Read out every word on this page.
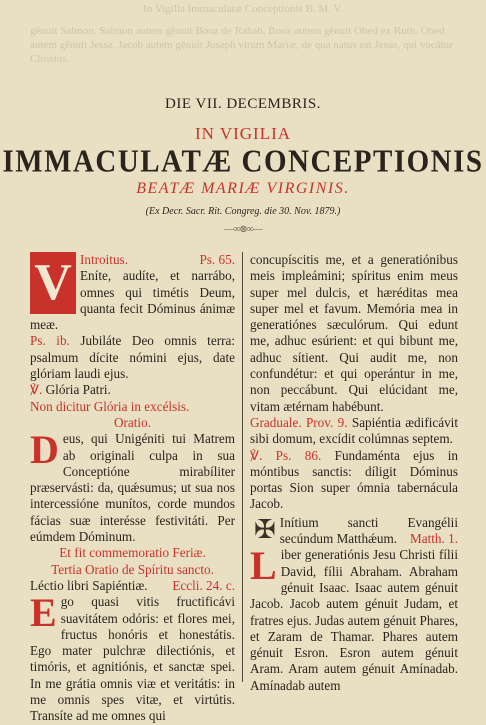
In Vigilia Immaculatæ Conceptionis B. M. V.
gênuit Salmon. Salmon autem gênuit Booz de Rahab. Booz autem gênuit Obed ex Ruth. Obed autem gênuit Jesse. Jacob autem gênuit Joseph virum Maríæ, de qua natus est Jesus, qui vocátur Christus.
DIE VII. DECEMBRIS.
IN VIGILIA
IMMACULATÆ CONCEPTIONIS
BEATÆ MARIÆ VIRGINIS.
(Ex Decr. Sacr. Rit. Congreg. die 30. Nov. 1879.)
—∞⊗∞—

Introitus.	Ps. 65.

V Eníte, audíte, et narrábo, omnes qui timétis Deum, quanta fecit Dóminus ánimæ meæ.

Ps. ib. Jubiláte Deo omnis terra: psalmum dícite nómini ejus, date glóriam laudi ejus.

℣. Glória Patri.

Non dicitur Glória in excélsis.

Oratio.

D eus, qui Unigéniti tui Matrem ab originali culpa in sua Conceptióne mirabíliter præservásti: da, quǽsumus; ut sua nos intercessióne munítos, corde mundos fácias suæ interésse festivitáti. Per eúmdem Dóminum.

Et fit commemoratio Feriæ.

Tertia Oratio de Spíritu sancto.

Léctio libri Sapiéntiæ. Eccli. 24. c.

E go quasi vitis fructificávi suavitátem odóris: et flores mei, fructus honóris et honestátis. Ego mater pulchræ dilectiónis, et timóris, et agnitiónis, et sanctæ spei. In me grátia omnis viæ et veritátis: in me omnis spes vitæ, et virtútis. Transíte ad me omnes qui

concupíscitis me, et a generatiónibus meis impleámini; spíritus enim meus super mel dulcis, et hæréditas mea super mel et favum. Memória mea in generatiónes sæculórum. Qui edunt me, adhuc esúrient: et qui bibunt me, adhuc sítient. Qui audit me, non confundétur: et qui operántur in me, non peccábunt. Qui elúcidant me, vitam ætérnam habébunt.

Graduale. Prov. 9. Sapiéntia ædificávit sibi domum, excídit colúmnas septem.

℣. Ps. 86. Fundaménta ejus in móntibus sanctis: díligit Dóminus portas Sion super ómnia tabernácula Jacob.

✠ Inítium sancti Evangélii secúndum Matthǽum. Matth. 1.

L iber generatiónis Jesu Christi fílii David, fílii Abraham. Abraham génuit Isaac. Isaac autem génuit Jacob. Jacob autem génuit Judam, et fratres ejus. Judas autem génuit Phares, et Zaram de Thamar. Phares autem génuit Esron. Esron autem génuit Aram. Aram autem génuit Amínadab. Amínadab autem
